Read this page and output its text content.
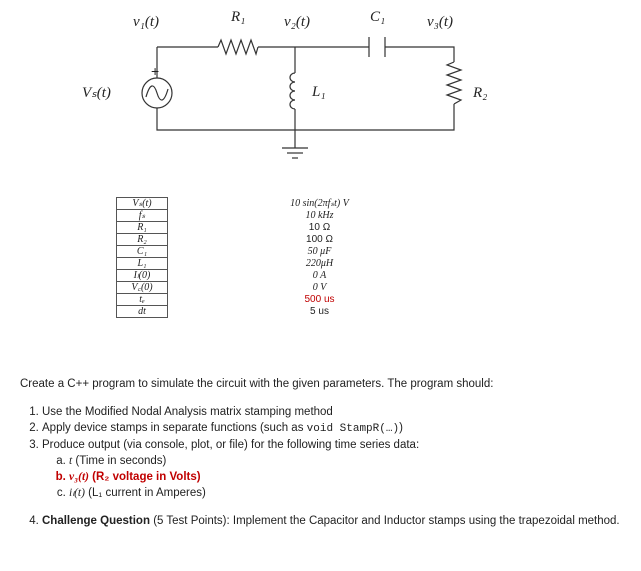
+
v₁(t)	R₁	v₂(t)	C₁	v₃(t)
Vₛ(t)	L₁	R₂
Vₛ(t)		10 sin(2πfₛt) V
fₛ		10 kHz
R₁		10 Ω
R₂		100 Ω
C₁		50 μF
L₁		220μH
Iₗ(0)		0 A
V꜀(0)		0 V
tₑ		500 us
dt		5 us
Create a C++ program to simulate the circuit with the given parameters. The program should:
1. Use the Modified Nodal Analysis matrix stamping method
2. Apply device stamps in separate functions (such as void StampR(…))
3. Produce output (via console, plot, or file) for the following time series data:
a. t (Time in seconds)
b. v₃(t) (R₂ voltage in Volts)
c. iₗ(t) (L₁ current in Amperes)
4. Challenge Question (5 Test Points): Implement the Capacitor and Inductor stamps using the trapezoidal method.
